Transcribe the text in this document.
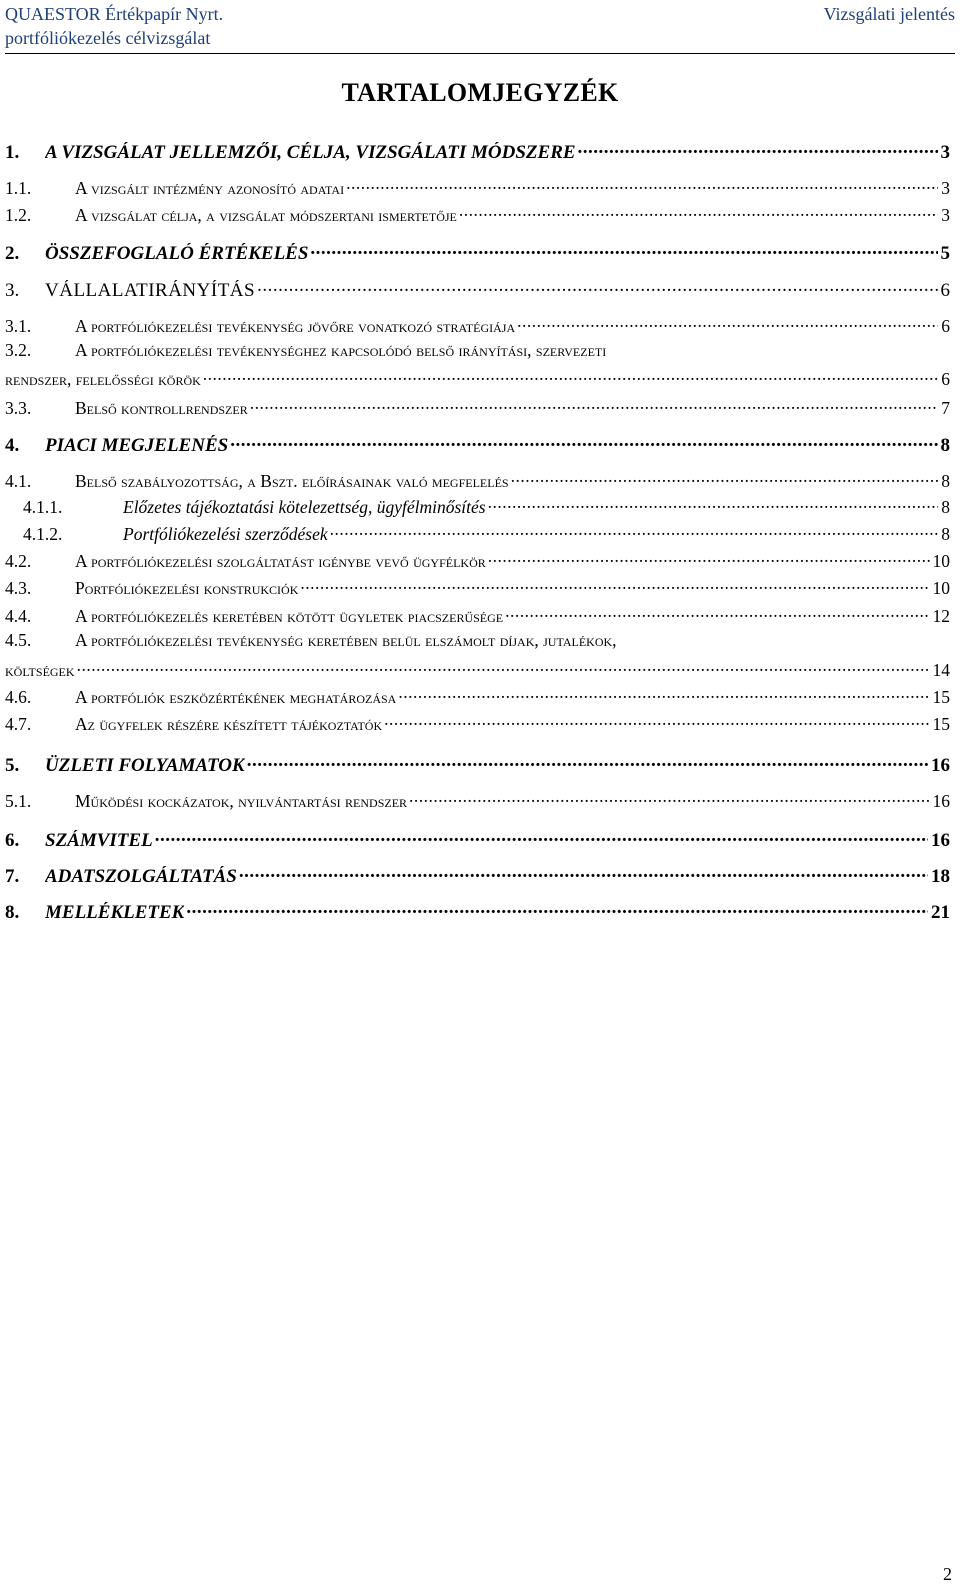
QUAESTOR Értékpapír Nyrt.
portfóliókezelés célvizsgálat
Vizsgálati jelentés
TARTALOMJEGYZÉK
1.	A VIZSGÁLAT JELLEMZŐI, CÉLJA, VIZSGÁLATI MÓDSZERE .....	3
1.1.	A vizsgált intézmény azonosító adatai .....	3
1.2.	A vizsgálat célja, a vizsgálat módszertani ismertetője .....	3
2.	ÖSSZEFOGLALÓ ÉRTÉKELÉS .....	5
3.	VÁLLALATIRÁNYÍTÁS .....	6
3.1.	A portfóliókezelési tevékenység jövőre vonatkozó stratégiája .....	6
3.2.	A portfóliókezelési tevékenységhez kapcsolódó belső irányítási, szervezeti
rendszer, felelősségi körök .....	6
3.3.	Belső kontrollrendszer .....	7
4.	PIACI MEGJELENÉS .....	8
4.1.	Belső szabályozottság, a Bszt. előírásainak való megfelelés .....	8
4.1.1.	Előzetes tájékoztatási kötelezettség, ügyfélminősítés .....	8
4.1.2.	Portfóliókezelési szerződések .....	8
4.2.	A portfóliókezelési szolgáltatást igénybe vevő ügyfélkör .....	10
4.3.	Portfóliókezelési konstrukciók .....	10
4.4.	A portfóliókezelés keretében kötött ügyletek piacszerűsége .....	12
4.5.	A portfóliókezelési tevékenység keretében belül elszámolt díjak, jutalékok,
költségek .....	14
4.6.	A portfóliók eszközértékének meghatározása .....	15
4.7.	Az ügyfelek részére készített tájékoztatók .....	15
5.	ÜZLETI FOLYAMATOK .....	16
5.1.	Működési kockázatok, nyilvántartási rendszer .....	16
6.	SZÁMVITEL .....	16
7.	ADATSZOLGÁLTATÁS .....	18
8.	MELLÉKLETEK .....	21
2
